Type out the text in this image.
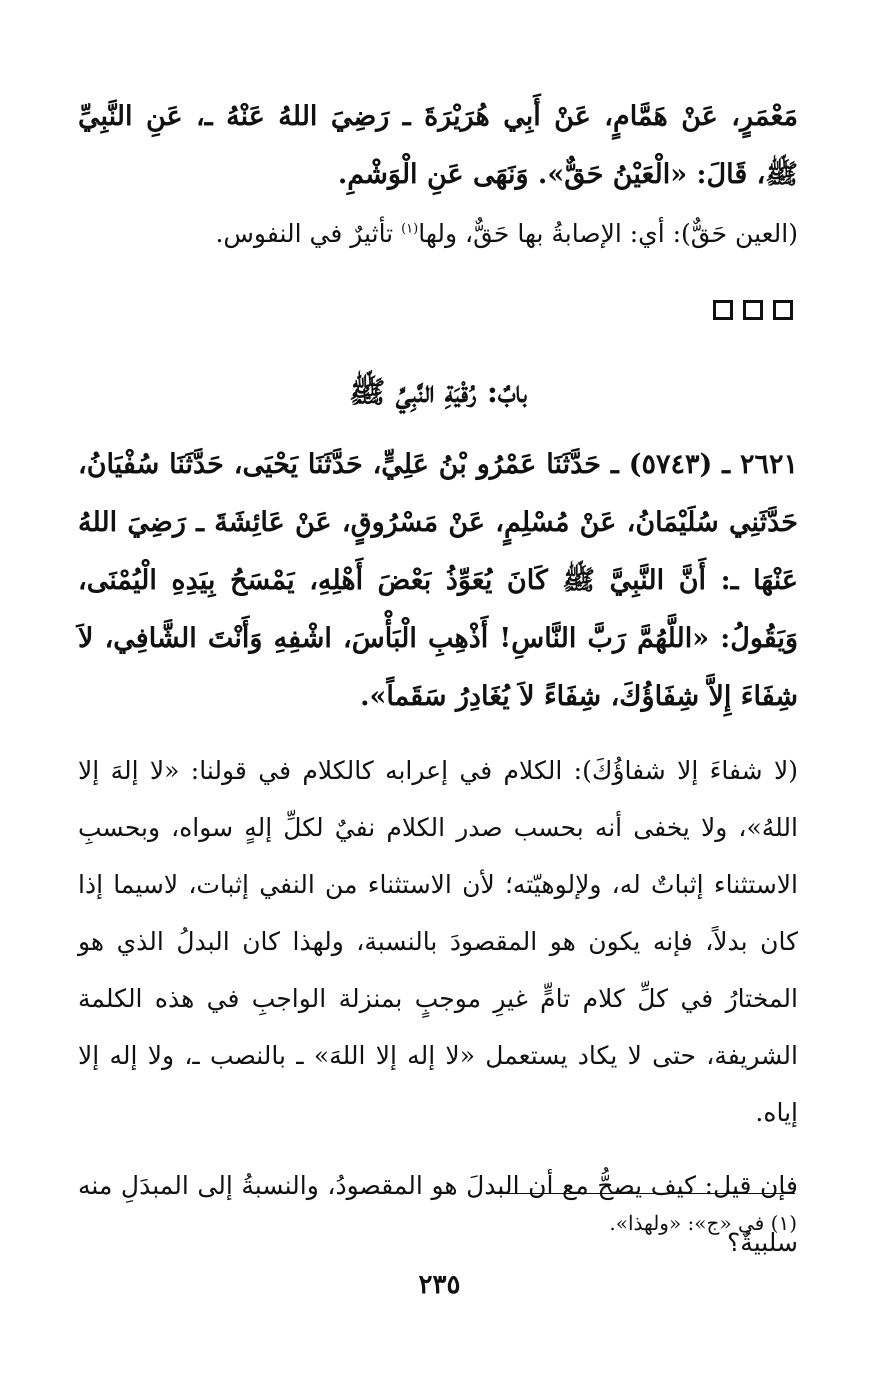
مَعْمَرٍ، عَنْ هَمَّامٍ، عَنْ أَبِي هُرَيْرَةَ ـ رَضِيَ اللهُ عَنْهُ ـ، عَنِ النَّبِيِّ ﷺ، قَالَ: «الْعَيْنُ حَقٌّ». وَنَهَى عَنِ الْوَشْمِ.

(العين حَقٌّ): أي: الإصابةُ بها حَقٌّ، ولها$^{(١)}$ تأثيرٌ في النفوس.

بابٌ: رُقْيَةِ النَّبِيِّ ﷺ

٢٦٢١ ـ (٥٧٤٣) ـ حَدَّثَنَا عَمْرُو بْنُ عَلِيٍّ، حَدَّثَنَا يَحْيَى، حَدَّثَنَا سُفْيَانُ، حَدَّثَنِي سُلَيْمَانُ، عَنْ مُسْلِمٍ، عَنْ مَسْرُوقٍ، عَنْ عَائِشَةَ ـ رَضِيَ اللهُ عَنْهَا ـ: أَنَّ النَّبِيَّ ﷺ كَانَ يُعَوِّذُ بَعْضَ أَهْلِهِ، يَمْسَحُ بِيَدِهِ الْيُمْنَى، وَيَقُولُ: «اللَّهُمَّ رَبَّ النَّاسِ! أَذْهِبِ الْبَأْسَ، اشْفِهِ وَأَنْتَ الشَّافِي، لاَ شِفَاءَ إِلاَّ شِفَاؤُكَ، شِفَاءً لاَ يُغَادِرُ سَقَماً».

(لا شفاءَ إلا شفاؤُكَ): الكلام في إعرابه كالكلام في قولنا: «لا إلهَ إلا اللهُ»، ولا يخفى أنه بحسب صدر الكلام نفيٌ لكلِّ إلهٍ سواه، وبحسبِ الاستثناء إثباتٌ له، ولإلوهيّته؛ لأن الاستثناء من النفي إثبات، لاسيما إذا كان بدلاً، فإنه يكون هو المقصودَ بالنسبة، ولهذا كان البدلُ الذي هو المختارُ في كلِّ كلام تامٍّ غيرِ موجبٍ بمنزلة الواجبِ في هذه الكلمة الشريفة، حتى لا يكاد يستعمل «لا إله إلا اللهَ» ـ بالنصب ـ، ولا إله إلا إياه.

فإن قيل: كيف يصحُّ مع أن البدلَ هو المقصودُ، والنسبةُ إلى المبدَلِ منه سلبيةٌ؟

(١) في «ج»: «ولهذا».
٢٣٥
